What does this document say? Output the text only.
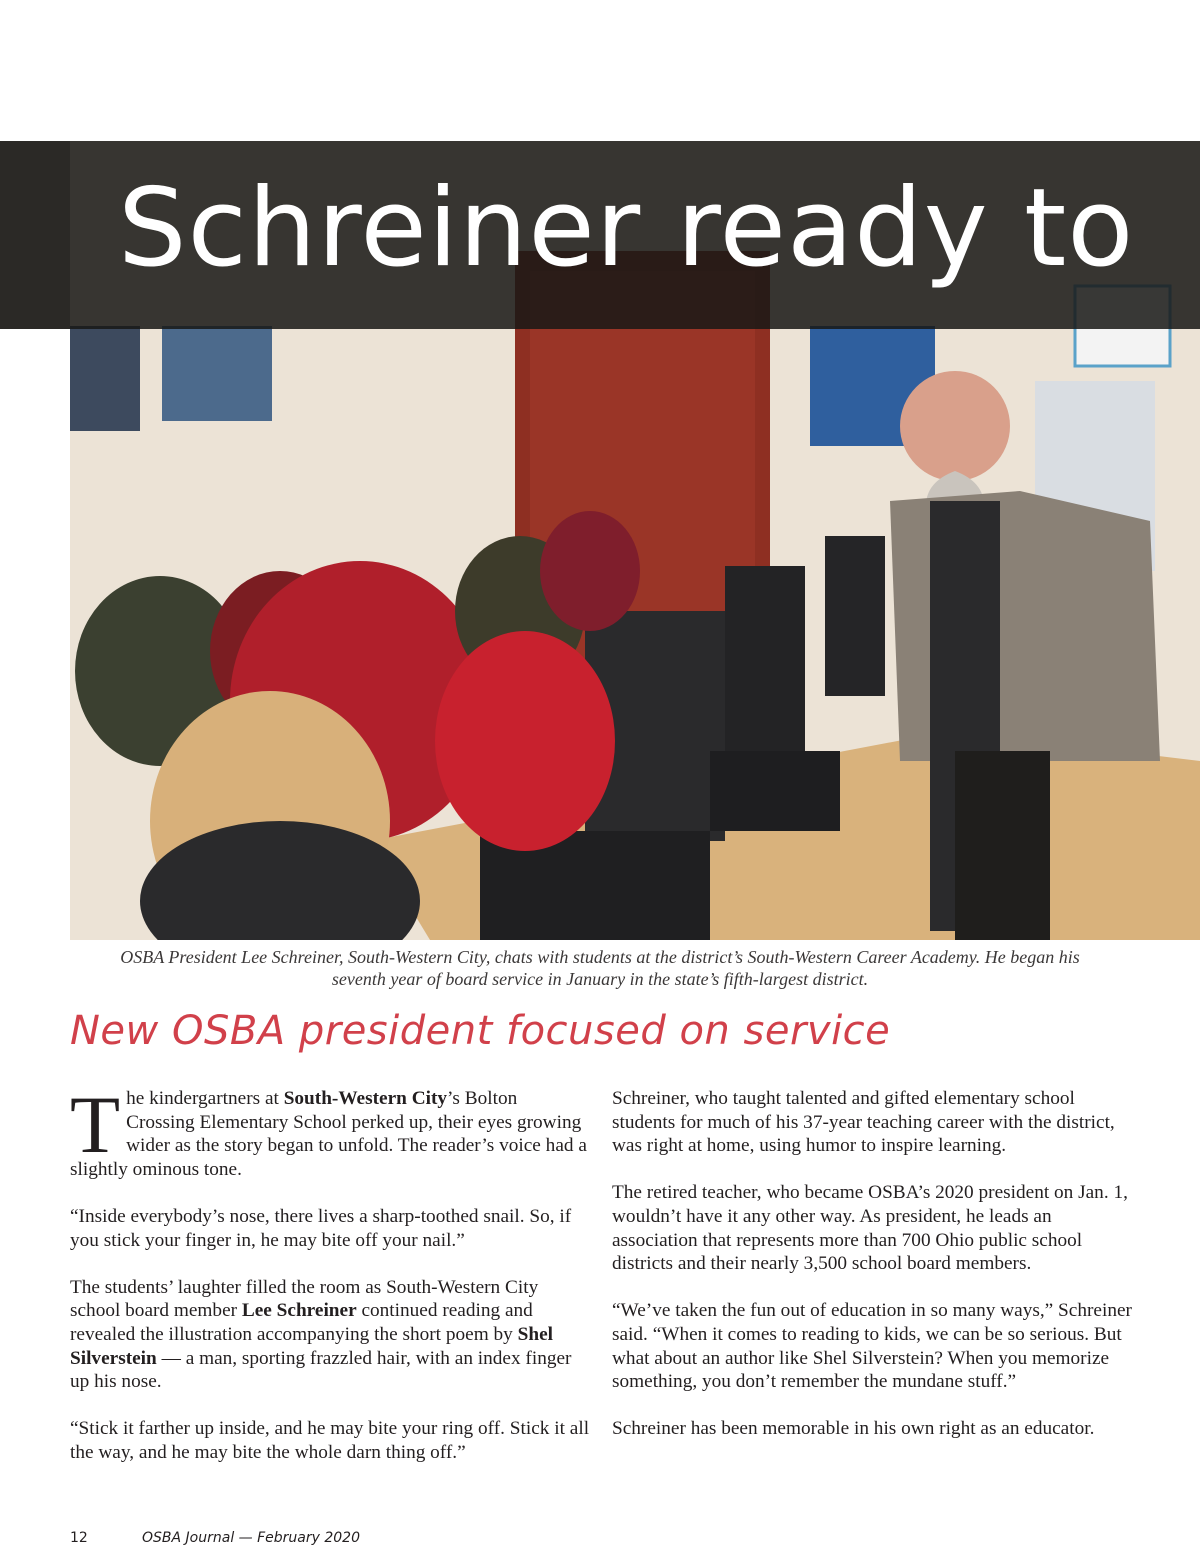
Schreiner ready to

OSBA President Lee Schreiner, South-Western City, chats with students at the district’s South-Western Career Academy. He began his
seventh year of board service in January in the state’s fifth-largest district.

New OSBA president focused on service

The kindergartners at South-Western City’s Bolton Crossing Elementary School perked up, their eyes growing wider as the story began to unfold. The reader’s voice had a slightly ominous tone.

“Inside everybody’s nose, there lives a sharp-toothed snail. So, if you stick your finger in, he may bite off your nail.”

The students’ laughter filled the room as South-Western City school board member Lee Schreiner continued reading and revealed the illustration accompanying the short poem by Shel Silverstein — a man, sporting frazzled hair, with an index finger up his nose.

“Stick it farther up inside, and he may bite your ring off. Stick it all the way, and he may bite the whole darn thing off.”

Schreiner, who taught talented and gifted elementary school students for much of his 37-year teaching career with the district, was right at home, using humor to inspire learning.

The retired teacher, who became OSBA’s 2020 president on Jan. 1, wouldn’t have it any other way. As president, he leads an association that represents more than 700 Ohio public school districts and their nearly 3,500 school board members.

“We’ve taken the fun out of education in so many ways,” Schreiner said. “When it comes to reading to kids, we can be so serious. But what about an author like Shel Silverstein? When you memorize something, you don’t remember the mundane stuff.”

Schreiner has been memorable in his own right as an educator.

12	OSBA Journal — February 2020
